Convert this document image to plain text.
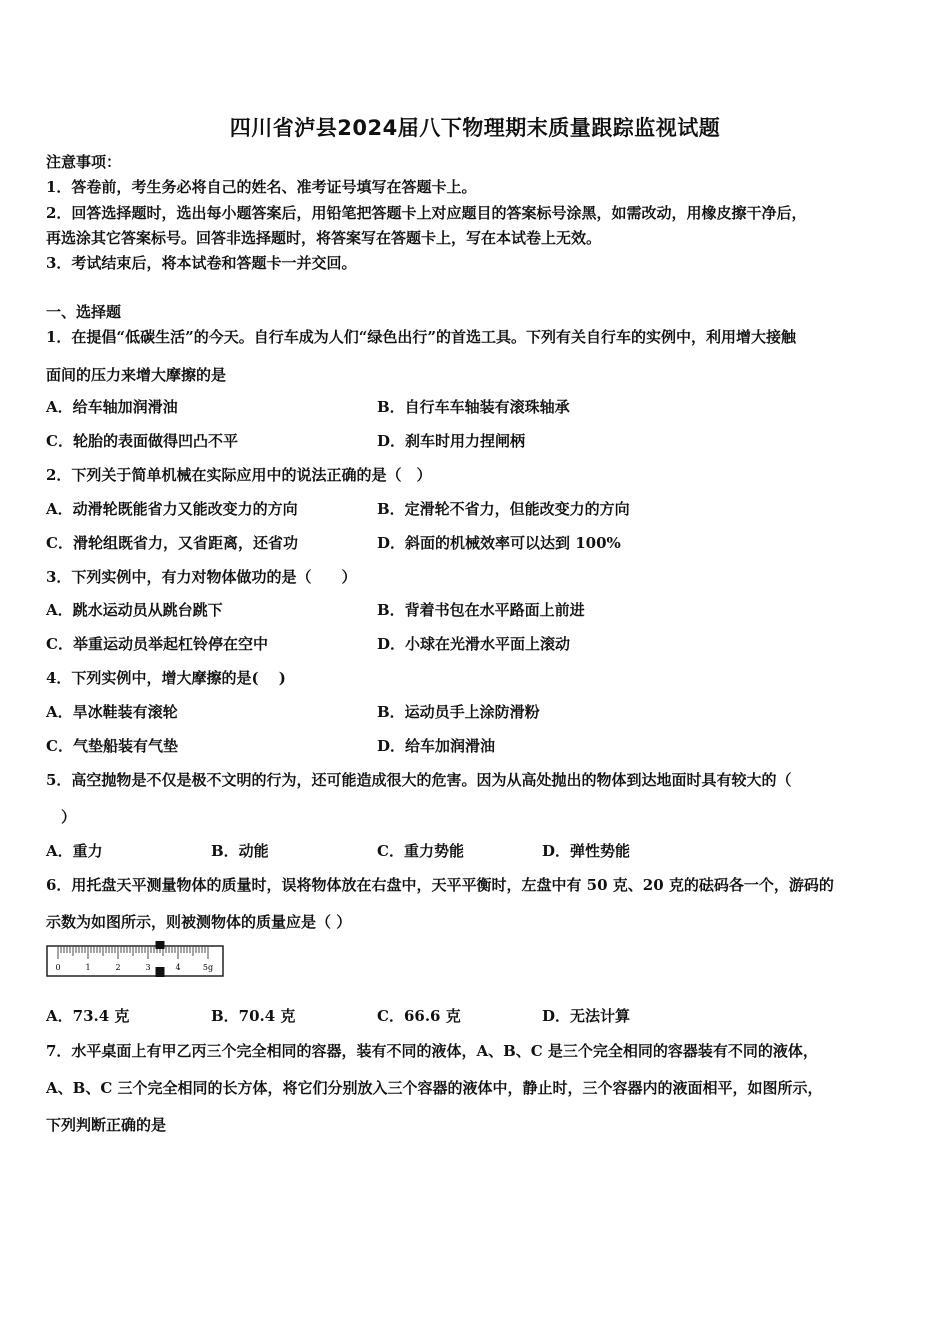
四川省泸县2024届八下物理期末质量跟踪监视试题
注意事项：
1．答卷前，考生务必将自己的姓名、准考证号填写在答题卡上。
2．回答选择题时，选出每小题答案后，用铅笔把答题卡上对应题目的答案标号涂黑，如需改动，用橡皮擦干净后，
再选涂其它答案标号。回答非选择题时，将答案写在答题卡上，写在本试卷上无效。
3．考试结束后，将本试卷和答题卡一并交回。
一、选择题
1．在提倡“低碳生活”的今天。自行车成为人们“绿色出行”的首选工具。下列有关自行车的实例中，利用增大接触
面间的压力来增大摩擦的是
A．给车轴加润滑油	B．自行车车轴装有滚珠轴承
C．轮胎的表面做得凹凸不平	D．刹车时用力捏闸柄
2．下列关于简单机械在实际应用中的说法正确的是（　）
A．动滑轮既能省力又能改变力的方向	B．定滑轮不省力，但能改变力的方向
C．滑轮组既省力，又省距离，还省功	D．斜面的机械效率可以达到 100%
3．下列实例中，有力对物体做功的是（　　）
A．跳水运动员从跳台跳下	B．背着书包在水平路面上前进
C．举重运动员举起杠铃停在空中	D．小球在光滑水平面上滚动
4．下列实例中，增大摩擦的是(　 )
A．旱冰鞋装有滚轮	B．运动员手上涂防滑粉
C．气垫船装有气垫	D．给车加润滑油
5．高空抛物是不仅是极不文明的行为，还可能造成很大的危害。因为从高处抛出的物体到达地面时具有较大的（
　）
A．重力	B．动能	C．重力势能	D．弹性势能
6．用托盘天平测量物体的质量时，误将物体放在右盘中，天平平衡时，左盘中有 50 克、20 克的砝码各一个，游码的
示数为如图所示，则被测物体的质量应是（ ）
0	1	2	3	4	5g
A．73.4 克	B．70.4 克	C．66.6 克	D．无法计算
7．水平桌面上有甲乙丙三个完全相同的容器，装有不同的液体，A、B、C 是三个完全相同的容器装有不同的液体，
A、B、C 三个完全相同的长方体，将它们分别放入三个容器的液体中，静止时，三个容器内的液面相平，如图所示，
下列判断正确的是
